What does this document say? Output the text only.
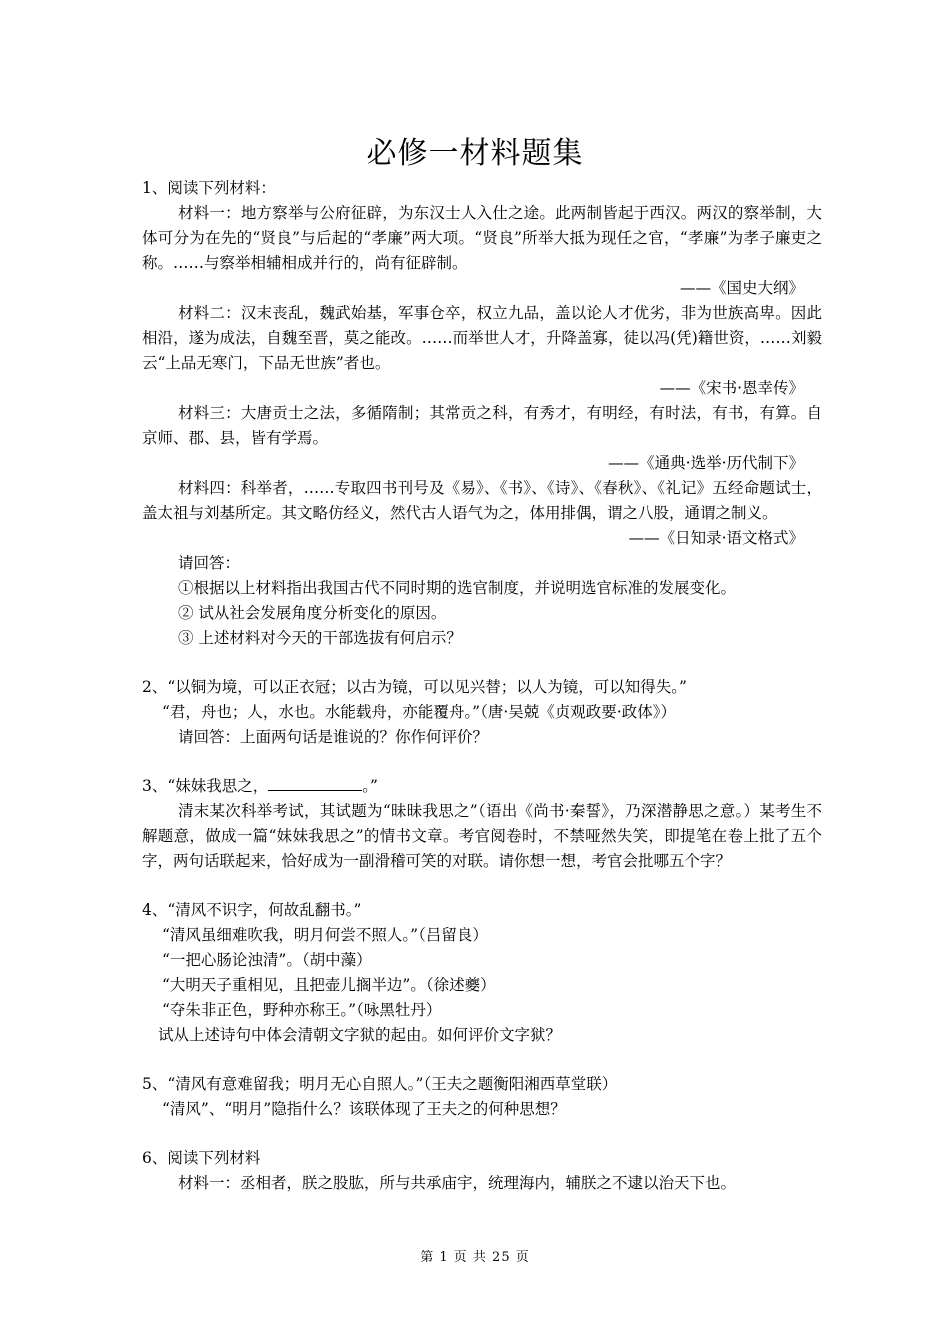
必修一材料题集

1、阅读下列材料：

材料一：地方察举与公府征辟，为东汉士人入仕之途。此两制皆起于西汉。两汉的察举制，大体可分为在先的“贤良”与后起的“孝廉”两大项。“贤良”所举大抵为现任之官，“孝廉”为孝子廉吏之称。……与察举相辅相成并行的，尚有征辟制。

——《国史大纲》

材料二：汉末丧乱，魏武始基，军事仓卒，权立九品，盖以论人才优劣，非为世族高卑。因此相沿，遂为成法，自魏至晋，莫之能改。……而举世人才，升降盖寡，徒以冯(凭)籍世资，……刘毅云“上品无寒门，下品无世族”者也。

——《宋书·恩幸传》

材料三：大唐贡士之法，多循隋制；其常贡之科，有秀才，有明经，有时法，有书，有算。自京师、郡、县，皆有学焉。

——《通典·选举·历代制下》

材料四：科举者，……专取四书刊号及《易》、《书》、《诗》、《春秋》、《礼记》五经命题试士，盖太祖与刘基所定。其文略仿经义，然代古人语气为之，体用排偶，谓之八股，通谓之制义。

——《日知录·语文格式》

请回答：

①根据以上材料指出我国古代不同时期的选官制度，并说明选官标准的发展变化。

② 试从社会发展角度分析变化的原因。

③ 上述材料对今天的干部选拔有何启示？

2、“以铜为境，可以正衣冠；以古为镜，可以见兴替；以人为镜，可以知得失。”

“君，舟也；人，水也。水能载舟，亦能覆舟。”（唐·吴兢《贞观政要·政体》）

请回答：上面两句话是谁说的？你作何评价？

3、“妹妹我思之，	。”

清末某次科举考试，其试题为“昧昧我思之”（语出《尚书·秦誓》，乃深潜静思之意。）某考生不解题意，做成一篇“妹妹我思之”的情书文章。考官阅卷时，不禁哑然失笑，即提笔在卷上批了五个字，两句话联起来，恰好成为一副滑稽可笑的对联。请你想一想，考官会批哪五个字？

4、“清风不识字，何故乱翻书。”

“清风虽细难吹我，明月何尝不照人。”（吕留良）

“一把心肠论浊清”。（胡中藻）

“大明天子重相见，且把壶儿搁半边”。（徐述夔）

“夺朱非正色，野种亦称王。”（咏黑牡丹）

试从上述诗句中体会清朝文字狱的起由。如何评价文字狱？

5、“清风有意难留我；明月无心自照人。”（王夫之题衡阳湘西草堂联）

“清风”、“明月”隐指什么？该联体现了王夫之的何种思想？

6、阅读下列材料

材料一：丞相者，朕之股肱，所与共承庙宇，统理海内，辅朕之不逮以治天下也。

第 1 页 共 25 页
